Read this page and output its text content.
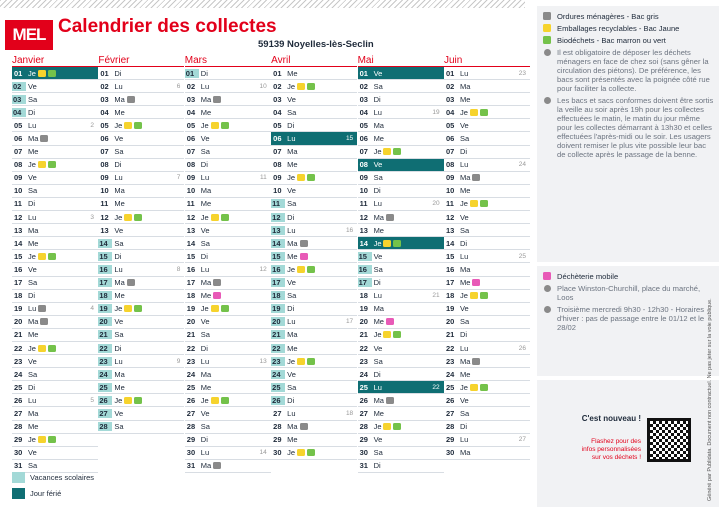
MEL Calendrier des collectes
59139 Noyelles-lès-Seclin
Janvier
01 Je
02 Ve
03 Sa
04 Di
05 Lu	2
06 Ma
07 Me
08 Je
09 Ve
10 Sa
11 Di
12 Lu	3
13 Ma
14 Me
15 Je
16 Ve
17 Sa
18 Di
19 Lu	4
20 Ma
21 Me
22 Je
23 Ve
24 Sa
25 Di
26 Lu	5
27 Ma
28 Me
29 Je
30 Ve
31 Sa
Février
01 Di
02 Lu	6
03 Ma
04 Me
05 Je
06 Ve
07 Sa
08 Di
09 Lu	7
10 Ma
11 Me
12 Je
13 Ve
14 Sa
15 Di
16 Lu	8
17 Ma
18 Me
19 Je
20 Ve
21 Sa
22 Di
23 Lu	9
24 Ma
25 Me
26 Je
27 Ve
28 Sa
Mars
01 Di
02 Lu	10
03 Ma
04 Me
05 Je
06 Ve
07 Sa
08 Di
09 Lu	11
10 Ma
11 Me
12 Je
13 Ve
14 Sa
15 Di
16 Lu	12
17 Ma
18 Me
19 Je
20 Ve
21 Sa
22 Di
23 Lu	13
24 Ma
25 Me
26 Je
27 Ve
28 Sa
29 Di
30 Lu	14
31 Ma
Avril
01 Me
02 Je
03 Ve
04 Sa
05 Di
06 Lu	15
07 Ma
08 Me
09 Je
10 Ve
11 Sa
12 Di
13 Lu	16
14 Ma
15 Me
16 Je
17 Ve
18 Sa
19 Di
20 Lu	17
21 Ma
22 Me
23 Je
24 Ve
25 Sa
26 Di
27 Lu	18
28 Ma
29 Me
30 Je
Mai
01 Ve
02 Sa
03 Di
04 Lu	19
05 Ma
06 Me
07 Je
08 Ve
09 Sa
10 Di
11 Lu	20
12 Ma
13 Me
14 Je
15 Ve
16 Sa
17 Di
18 Lu	21
19 Ma
20 Me
21 Je
22 Ve
23 Sa
24 Di
25 Lu	22
26 Ma
27 Me
28 Je
29 Ve
30 Sa
31 Di
Juin
01 Lu	23
02 Ma
03 Me
04 Je
05 Ve
06 Sa
07 Di
08 Lu	24
09 Ma
10 Me
11 Je
12 Ve
13 Sa
14 Di
15 Lu	25
16 Ma
17 Me
18 Je
19 Ve
20 Sa
21 Di
22 Lu	26
23 Ma
24 Me
25 Je
26 Ve
27 Sa
28 Di
29 Lu	27
30 Ma
Ordures ménagères - Bac gris
Emballages recyclables - Bac Jaune
Biodéchets - Bac marron ou vert
Il est obligatoire de déposer les déchets ménagers en face de chez soi (sans gêner la circulation des piétons). De préférence, les bacs sont présentés avec la poignée côté rue pour faciliter la collecte.
Les bacs et sacs conformes doivent être sortis la veille au soir après 19h pour les collectes effectuées le matin, le matin du jour même pour les collectes démarrant à 13h30 et celles effectuées l'après-midi ou le soir. Les usagers doivent remiser le plus vite possible leur bac de collecte après le passage de la benne.
Déchèterie mobile
Place Winston-Churchill, place du marché, Loos
Troisième mercredi 9h30 - 12h30 - Horaires d'hiver : pas de passage entre le 01/12 et le 28/02
C'est nouveau !
Flashez pour des infos personnalisées sur vos déchets !	Généré par Publidata. Document non contractuel. Ne pas jeter sur la voie publique.
Vacances scolaires
Jour férié
